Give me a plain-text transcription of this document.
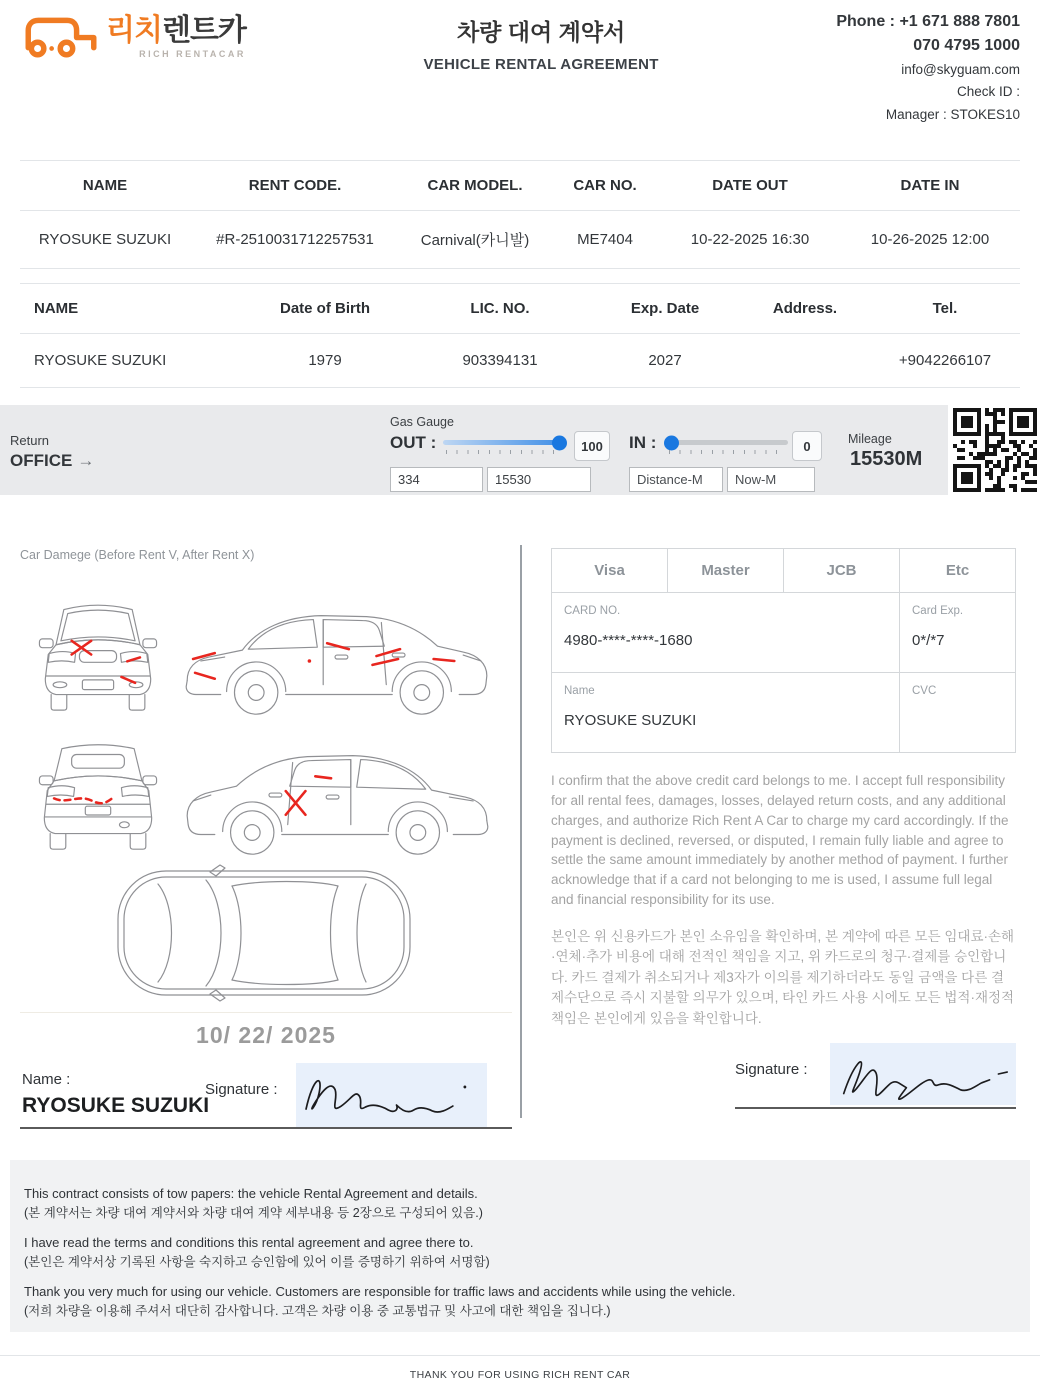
리치렌트카
RICH RENTACAR
차량 대여 계약서
VEHICLE RENTAL AGREEMENT
Phone : +1 671 888 7801
070 4795 1000
info@skyguam.com
Check ID :
Manager : STOKES10
NAME	RENT CODE.	CAR MODEL.	CAR NO.	DATE OUT	DATE IN
RYOSUKE SUZUKI	#R-2510031712257531	Carnival(카니발)	ME7404	10-22-2025 16:30	10-26-2025 12:00
NAME	Date of Birth	LIC. NO.	Exp. Date	Address.	Tel.
RYOSUKE SUZUKI	1979	903394131	2027		+9042266107
Return
OFFICE →
Gas Gauge
OUT :	100	IN :	0
334
15530
Distance-M
Now-M	Mileage
15530M
Car Damege (Before Rent V, After Rent X)
10/ 22/ 2025
Name :
RYOSUKE SUZUKI
Signature :
Visa	Master	JCB	Etc

CARD NO.
4980-****-****-1680

Card Exp.
0*/*7

Name
RYOSUKE SUZUKI			CVC
I confirm that the above credit card belongs to me. I accept full responsibility for all rental fees, damages, losses, delayed return costs, and any additional charges, and authorize Rich Rent A Car to charge my card accordingly. If the payment is declined, reversed, or disputed, I remain fully liable and agree to settle the same amount immediately by another method of payment. I further acknowledge that if a card not belonging to me is used, I assume full legal and financial responsibility for its use.
본인은 위 신용카드가 본인 소유임을 확인하며, 본 계약에 따른 모든 임대료·손해·연체·추가 비용에 대해 전적인 책임을 지고, 위 카드로의 청구·결제를 승인합니다. 카드 결제가 취소되거나 제3자가 이의를 제기하더라도 동일 금액을 다른 결제수단으로 즉시 지불할 의무가 있으며, 타인 카드 사용 시에도 모든 법적·재정적 책임은 본인에게 있음을 확인합니다.
Signature :
This contract consists of tow papers: the vehicle Rental Agreement and details.
(본 계약서는 차량 대여 계약서와 차량 대여 계약 세부내용 등 2장으로 구성되어 있음.)
I have read the terms and conditions this rental agreement and agree there to.
(본인은 계약서상 기록된 사항을 숙지하고 승인함에 있어 이를 증명하기 위하여 서명함)
Thank you very much for using our vehicle. Customers are responsible for traffic laws and accidents while using the vehicle.
(저희 차량을 이용해 주셔서 대단히 감사합니다. 고객은 차량 이용 중 교통법규 및 사고에 대한 책임을 집니다.)
THANK YOU FOR USING RICH RENT CAR
